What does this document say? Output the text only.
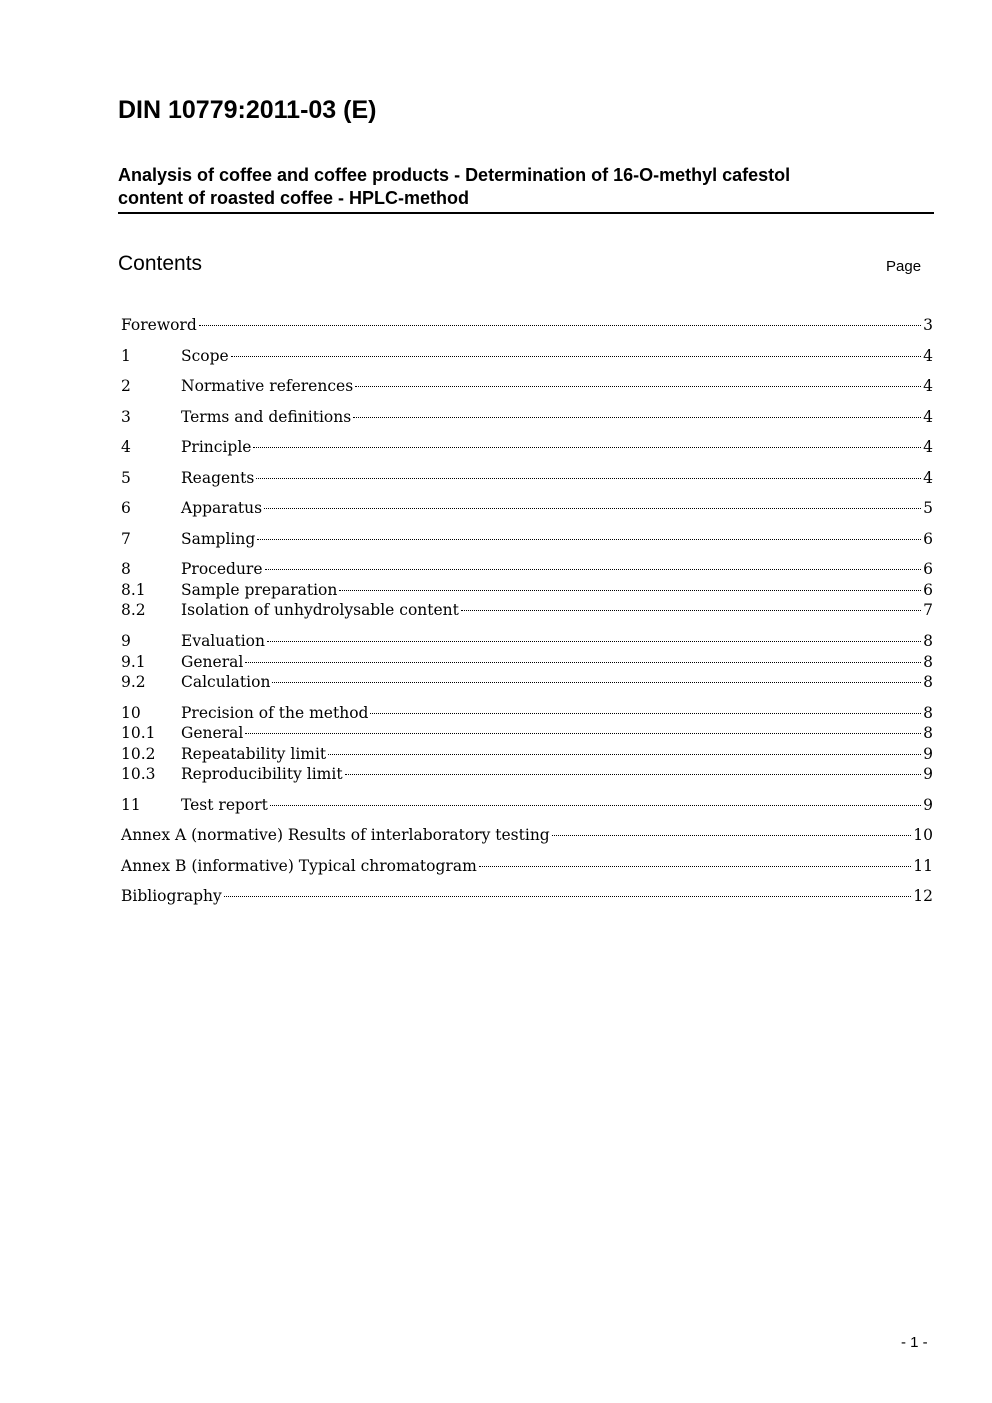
DIN 10779:2011-03 (E)
Analysis of coffee and coffee products - Determination of 16-O-methyl cafestol
content of roasted coffee - HPLC-method
Contents	Page
Foreword	3
1	Scope	4
2	Normative references	4
3	Terms and definitions	4
4	Principle	4
5	Reagents	4
6	Apparatus	5
7	Sampling	6
8	Procedure	6
8.1	Sample preparation	6
8.2	Isolation of unhydrolysable content	7
9	Evaluation	8
9.1	General	8
9.2	Calculation	8
10	Precision of the method	8
10.1	General	8
10.2	Repeatability limit	9
10.3	Reproducibility limit	9
11	Test report	9
Annex A (normative) Results of interlaboratory testing	10
Annex B (informative) Typical chromatogram	11
Bibliography	12
- 1 -
